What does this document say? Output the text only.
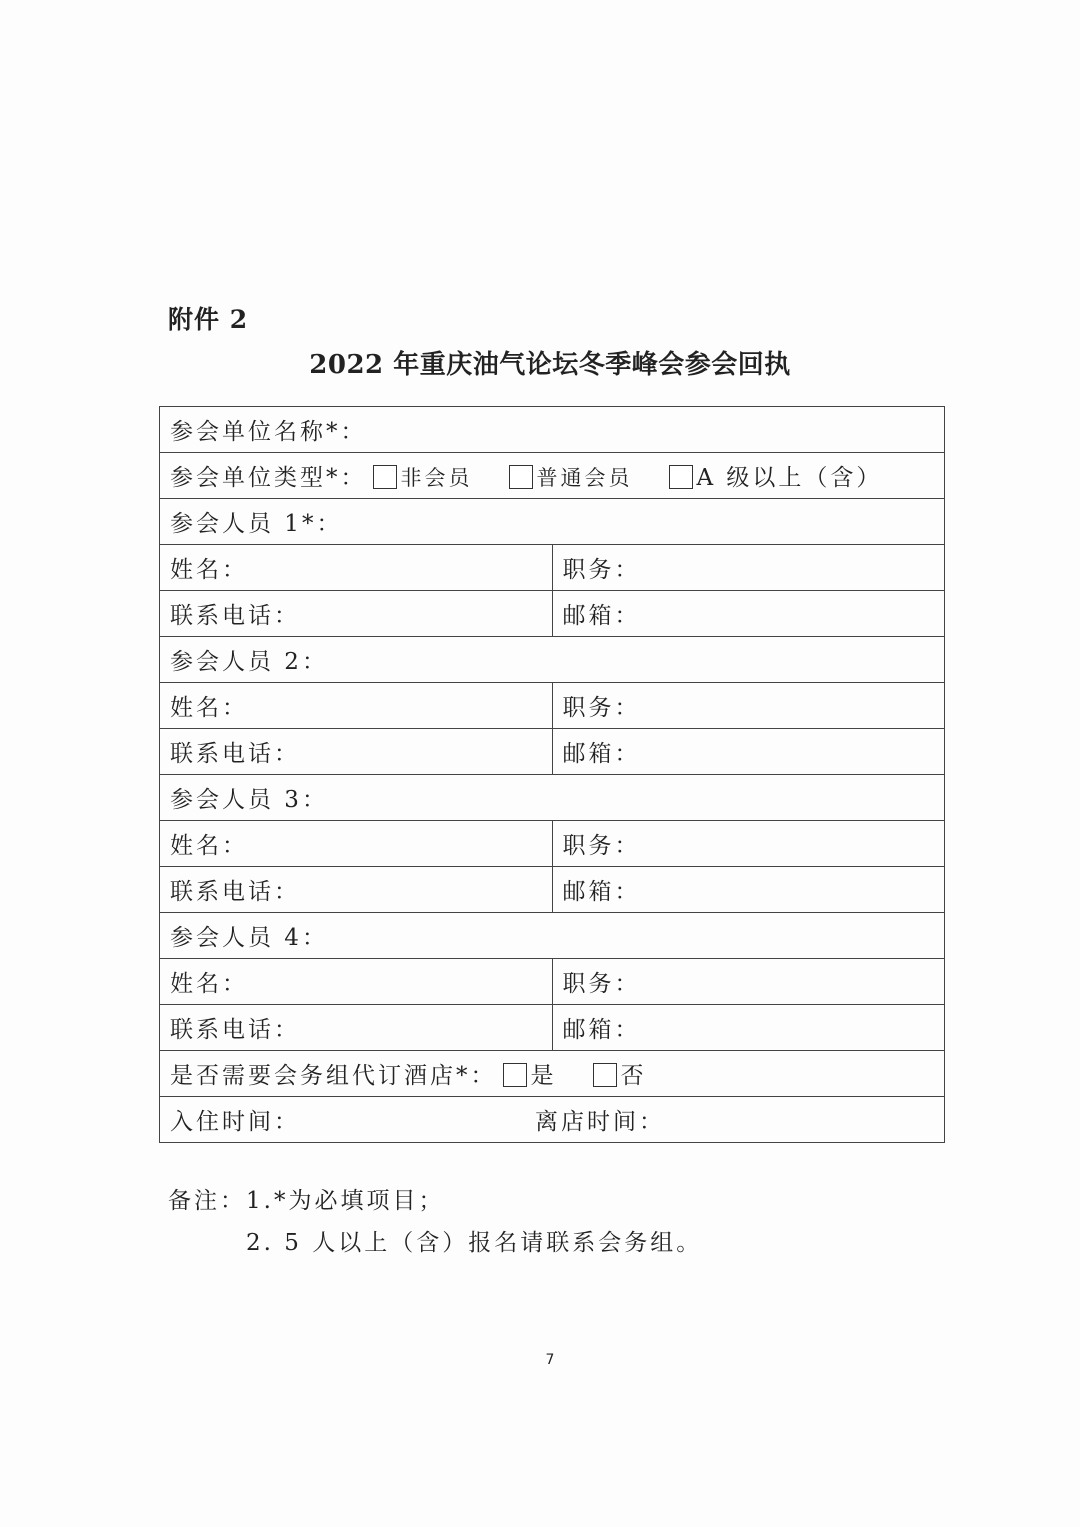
附件 2
2022 年重庆油气论坛冬季峰会参会回执
参会单位名称*：	
参会单位类型*： 非会员 普通会员 A 级以上（含）	
参会人员 1*：	
姓名：	职务：
联系电话：	邮箱：
参会人员 2：	
姓名：	职务：
联系电话：	邮箱：
参会人员 3：	
姓名：	职务：
联系电话：	邮箱：
参会人员 4：	
姓名：	职务：
联系电话：	邮箱：
是否需要会务组代订酒店*： 是 否	
入住时间： 离店时间：	
备注：1.*为必填项目；
2. 5 人以上（含）报名请联系会务组。
7
